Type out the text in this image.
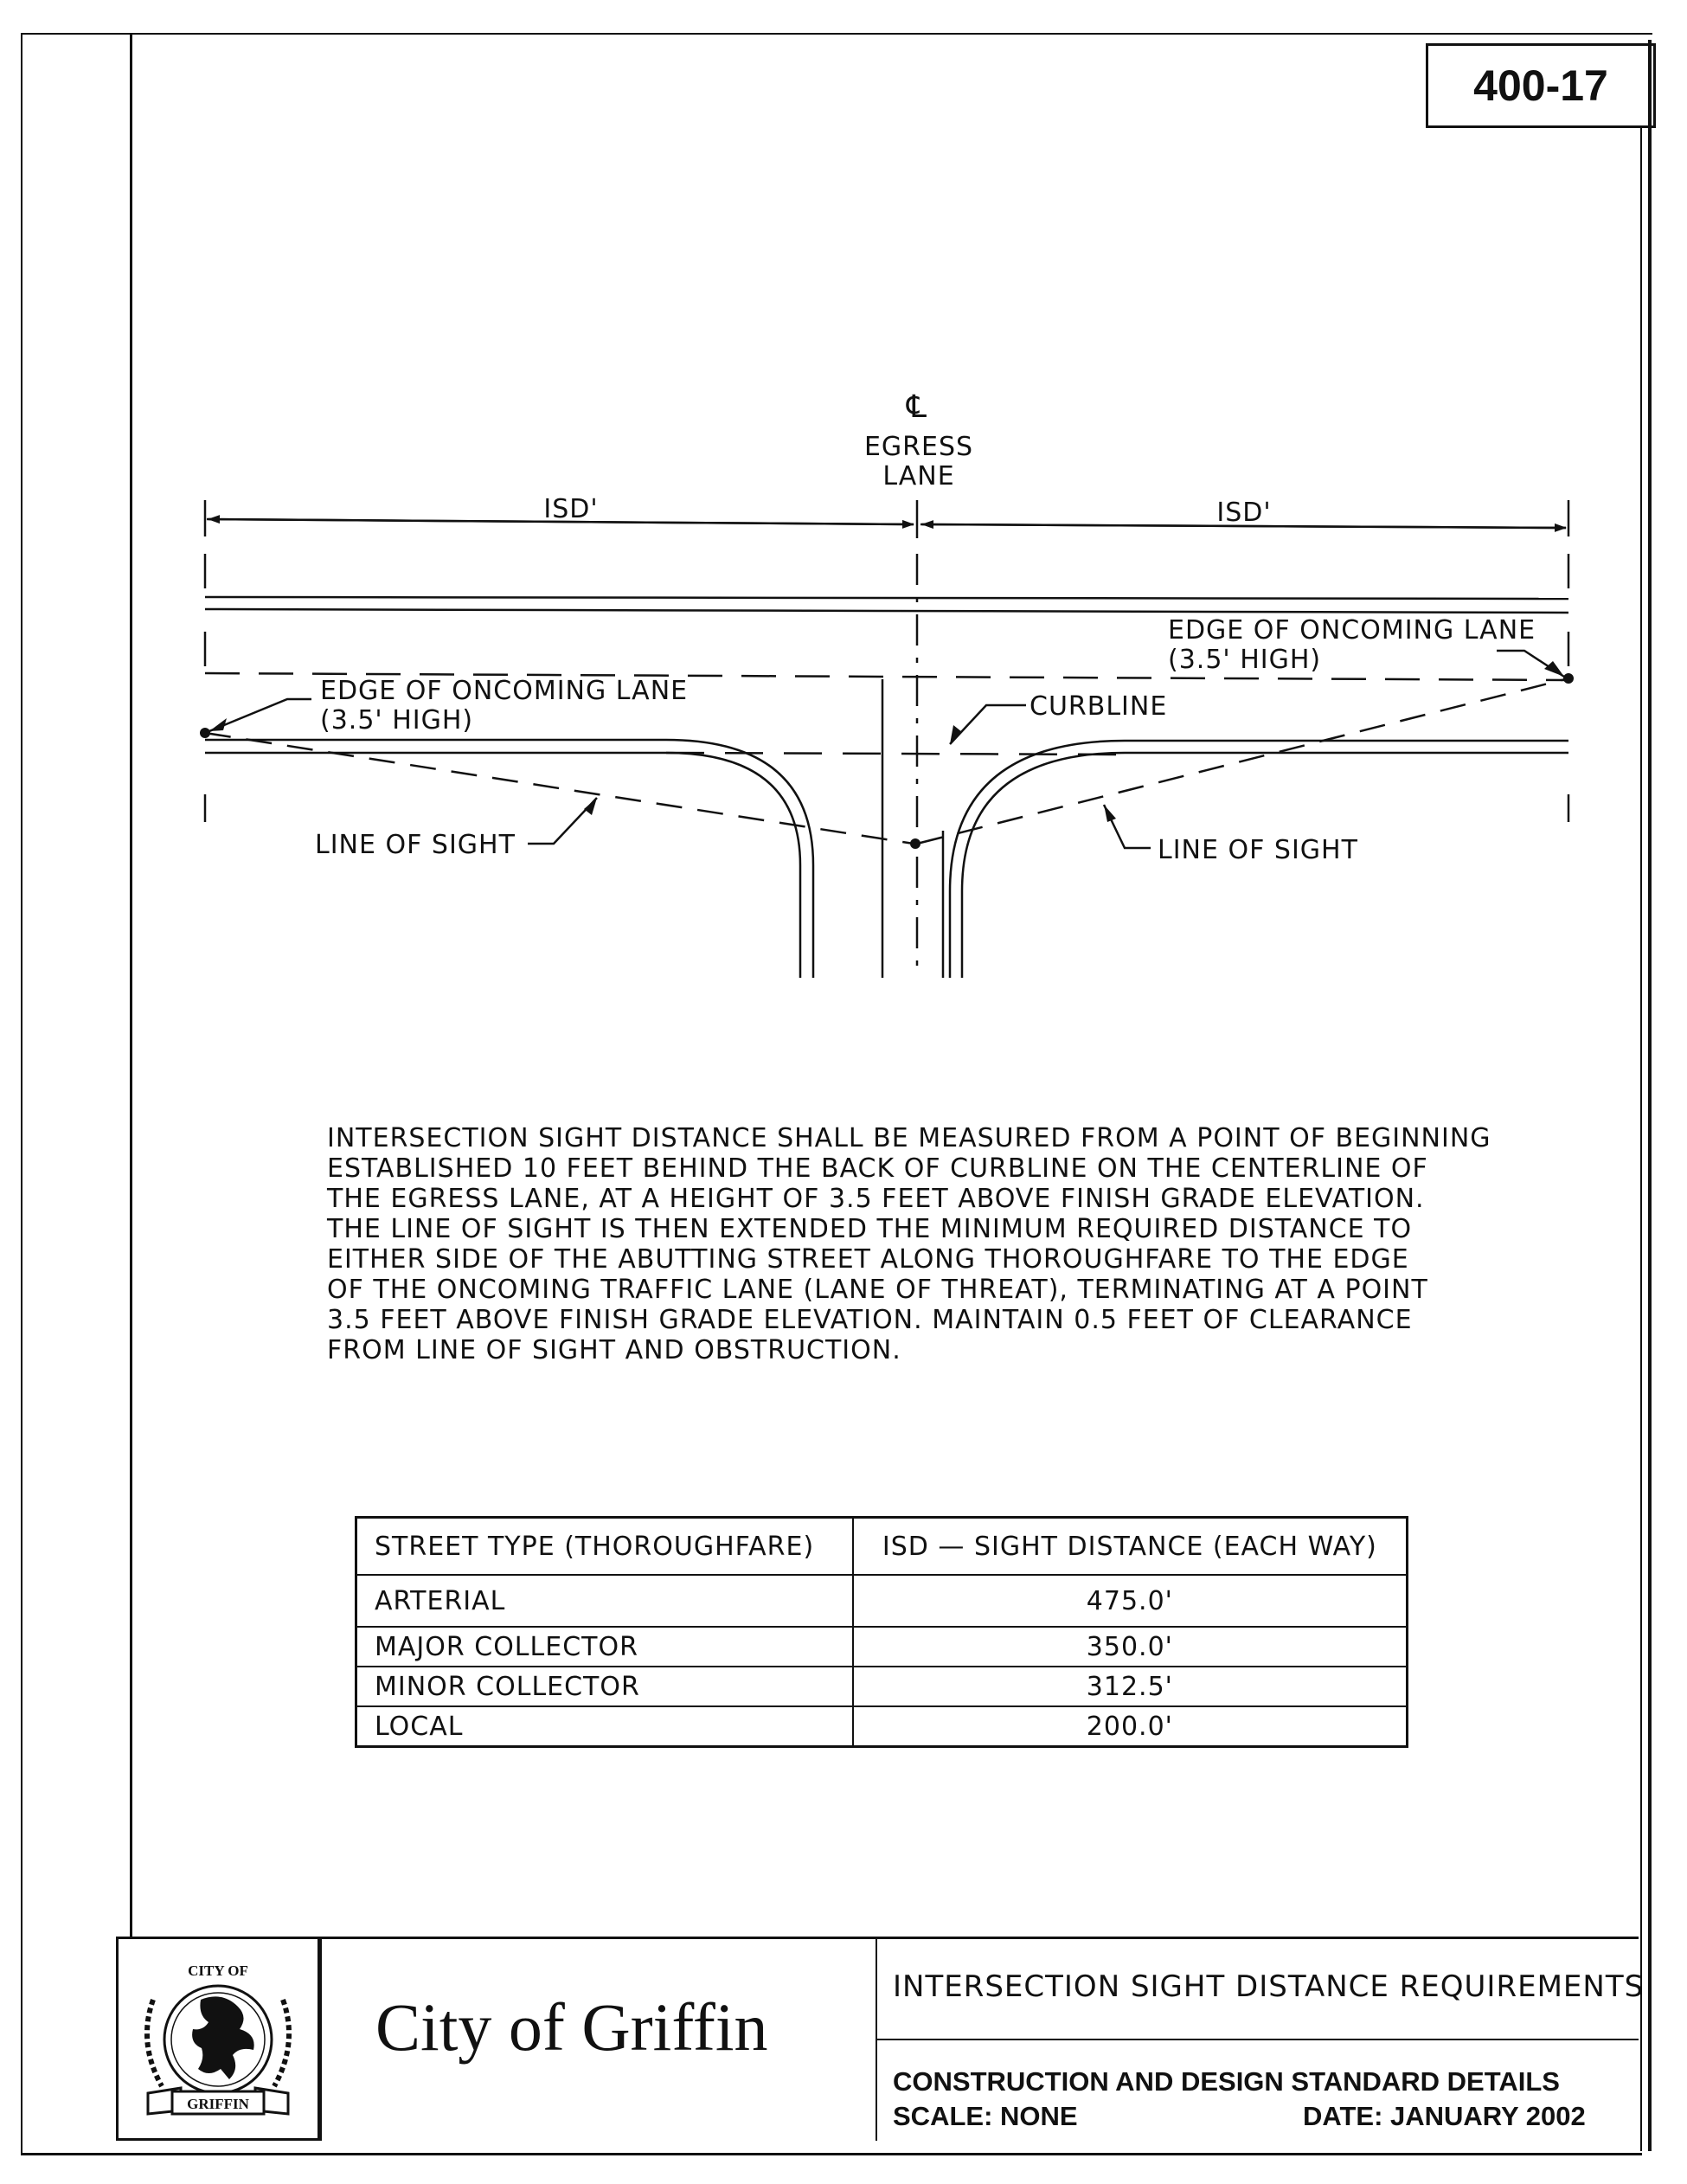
400-17
℄
EGRESS
LANE
ISD'	ISD'
EDGE OF ONCOMING LANE
(3.5' HIGH)
EDGE OF ONCOMING LANE
(3.5' HIGH)	CURBLINE
LINE OF SIGHT	LINE OF SIGHT
INTERSECTION SIGHT DISTANCE SHALL BE MEASURED FROM A POINT OF BEGINNING
ESTABLISHED 10 FEET BEHIND THE BACK OF CURBLINE ON THE CENTERLINE OF
THE EGRESS LANE, AT A HEIGHT OF 3.5 FEET ABOVE FINISH GRADE ELEVATION.
THE LINE OF SIGHT IS THEN EXTENDED THE MINIMUM REQUIRED DISTANCE TO
EITHER SIDE OF THE ABUTTING STREET ALONG THOROUGHFARE TO THE EDGE
OF THE ONCOMING TRAFFIC LANE (LANE OF THREAT), TERMINATING AT A POINT
3.5 FEET ABOVE FINISH GRADE ELEVATION. MAINTAIN 0.5 FEET OF CLEARANCE
FROM LINE OF SIGHT AND OBSTRUCTION.
STREET TYPE (THOROUGHFARE)	ISD — SIGHT DISTANCE (EACH WAY)
ARTERIAL	475.0'
MAJOR COLLECTOR	350.0'
MINOR COLLECTOR	312.5'
LOCAL	200.0'
CITY OF
GRIFFIN
City of Griffin
INTERSECTION SIGHT DISTANCE REQUIREMENTS
CONSTRUCTION AND DESIGN STANDARD DETAILS
SCALE: NONE	DATE: JANUARY 2002
